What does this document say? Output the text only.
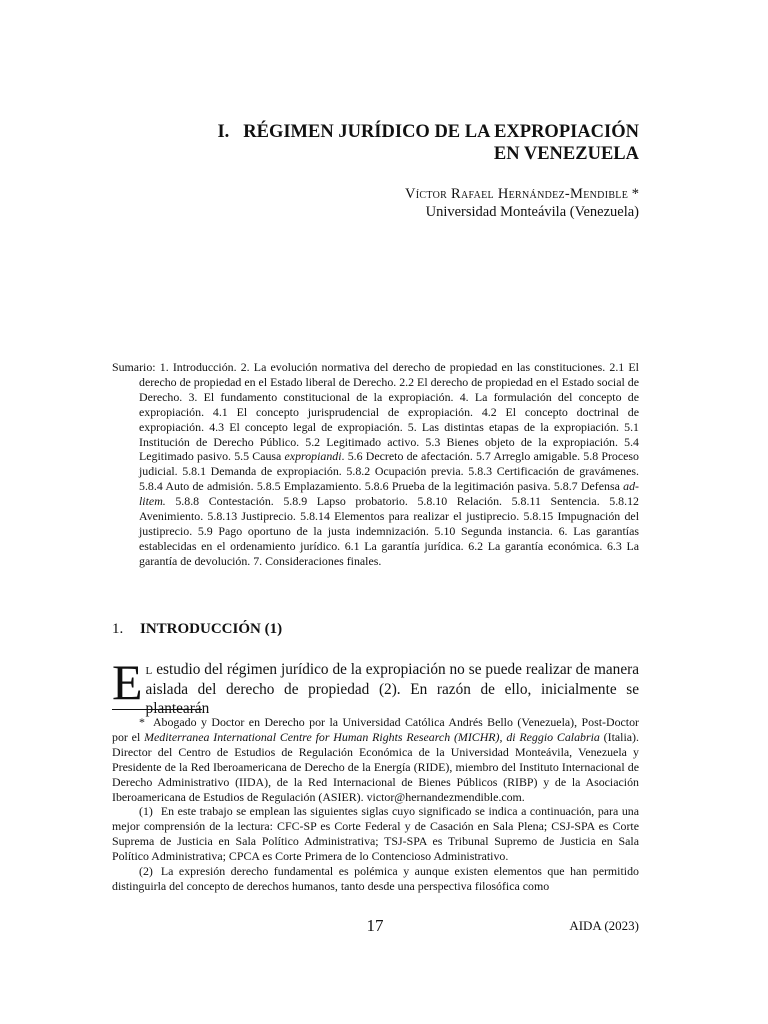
I. RÉGIMEN JURÍDICO DE LA EXPROPIACIÓN
EN VENEZUELA
Víctor Rafael Hernández-Mendible *
Universidad Monteávila (Venezuela)

Sumario: 1. Introducción. 2. La evolución normativa del derecho de propiedad en las constituciones. 2.1 El derecho de propiedad en el Estado liberal de Derecho. 2.2 El derecho de propiedad en el Estado social de Derecho. 3. El fundamento constitucional de la expropiación. 4. La formulación del concepto de expropiación. 4.1 El concepto jurisprudencial de expropiación. 4.2 El concepto doctrinal de expropiación. 4.3 El concepto legal de expropiación. 5. Las distintas etapas de la expropiación. 5.1 Institución de Derecho Público. 5.2 Legitimado activo. 5.3 Bienes objeto de la expropiación. 5.4 Legitimado pasivo. 5.5 Causa expropiandi. 5.6 Decreto de afectación. 5.7 Arreglo amigable. 5.8 Proceso judicial. 5.8.1 Demanda de expropiación. 5.8.2 Ocupación previa. 5.8.3 Certificación de gravámenes. 5.8.4 Auto de admisión. 5.8.5 Emplazamiento. 5.8.6 Prueba de la legitimación pasiva. 5.8.7 Defensa ad-litem. 5.8.8 Contestación. 5.8.9 Lapso probatorio. 5.8.10 Relación. 5.8.11 Sentencia. 5.8.12 Avenimiento. 5.8.13 Justiprecio. 5.8.14 Elementos para realizar el justiprecio. 5.8.15 Impugnación del justiprecio. 5.9 Pago oportuno de la justa indemnización. 5.10 Segunda instancia. 6. Las garantías establecidas en el ordenamiento jurídico. 6.1 La garantía jurídica. 6.2 La garantía económica. 6.3 La garantía de devolución. 7. Consideraciones finales.

1. INTRODUCCIÓN (1)

El estudio del régimen jurídico de la expropiación no se puede realizar de manera aislada del derecho de propiedad (2). En razón de ello, inicialmente se plantearán

* Abogado y Doctor en Derecho por la Universidad Católica Andrés Bello (Venezuela), Post-Doctor por el Mediterranea International Centre for Human Rights Research (MICHR), di Reggio Calabria (Italia). Director del Centro de Estudios de Regulación Económica de la Universidad Monteávila, Venezuela y Presidente de la Red Iberoamericana de Derecho de la Energía (RIDE), miembro del Instituto Internacional de Derecho Administrativo (IIDA), de la Red Internacional de Bienes Públicos (RIBP) y de la Asociación Iberoamericana de Estudios de Regulación (ASIER). victor@hernandezmendible.com.

(1) En este trabajo se emplean las siguientes siglas cuyo significado se indica a continuación, para una mejor comprensión de la lectura: CFC-SP es Corte Federal y de Casación en Sala Plena; CSJ-SPA es Corte Suprema de Justicia en Sala Político Administrativa; TSJ-SPA es Tribunal Supremo de Justicia en Sala Político Administrativa; CPCA es Corte Primera de lo Contencioso Administrativo.

(2) La expresión derecho fundamental es polémica y aunque existen elementos que han permitido distinguirla del concepto de derechos humanos, tanto desde una perspectiva filosófica como

17	AIDA (2023)
